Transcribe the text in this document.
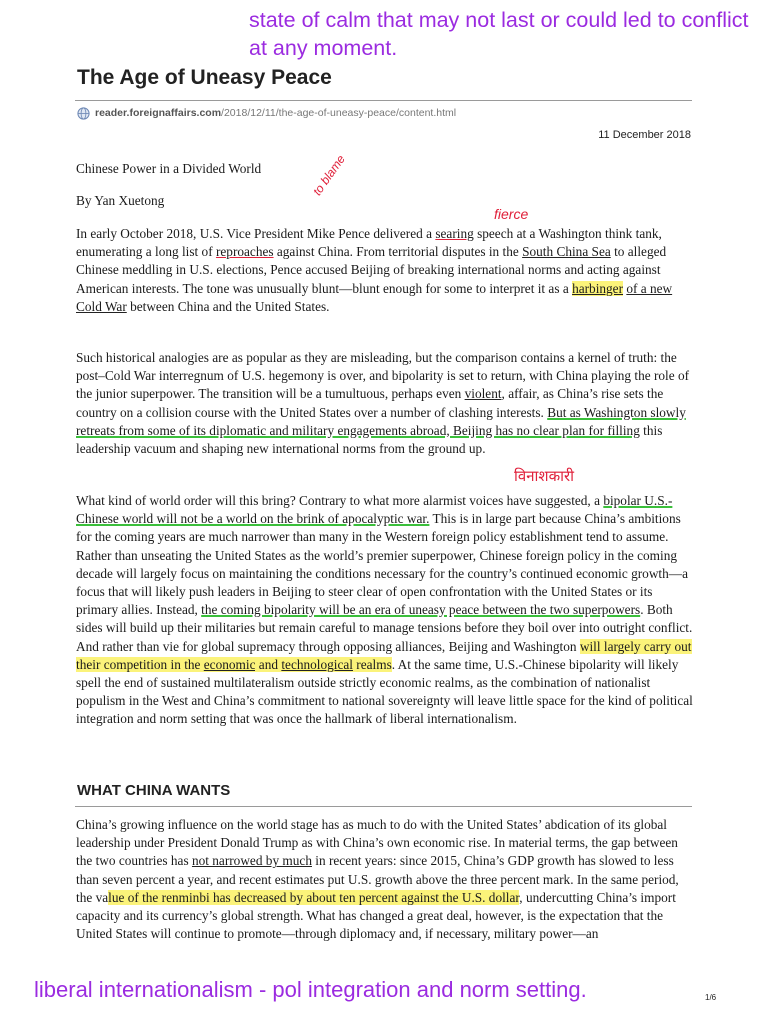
state of calm that may not last or could led to conflict at any moment.
The Age of Uneasy Peace
reader.foreignaffairs.com/2018/12/11/the-age-of-uneasy-peace/content.html
11 December 2018
Chinese Power in a Divided World
By Yan Xuetong
to blame
fierce
विनाशकारी
In early October 2018, U.S. Vice President Mike Pence delivered a searing speech at a Washington think tank, enumerating a long list of reproaches against China. From territorial disputes in the South China Sea to alleged Chinese meddling in U.S. elections, Pence accused Beijing of breaking international norms and acting against American interests. The tone was unusually blunt—blunt enough for some to interpret it as a harbinger of a new Cold War between China and the United States.
Such historical analogies are as popular as they are misleading, but the comparison contains a kernel of truth: the post–Cold War interregnum of U.S. hegemony is over, and bipolarity is set to return, with China playing the role of the junior superpower. The transition will be a tumultuous, perhaps even violent, affair, as China’s rise sets the country on a collision course with the United States over a number of clashing interests. But as Washington slowly retreats from some of its diplomatic and military engagements abroad, Beijing has no clear plan for filling this leadership vacuum and shaping new international norms from the ground up.
What kind of world order will this bring? Contrary to what more alarmist voices have suggested, a bipolar U.S.-Chinese world will not be a world on the brink of apocalyptic war. This is in large part because China’s ambitions for the coming years are much narrower than many in the Western foreign policy establishment tend to assume. Rather than unseating the United States as the world’s premier superpower, Chinese foreign policy in the coming decade will largely focus on maintaining the conditions necessary for the country’s continued economic growth—a focus that will likely push leaders in Beijing to steer clear of open confrontation with the United States or its primary allies. Instead, the coming bipolarity will be an era of uneasy peace between the two superpowers. Both sides will build up their militaries but remain careful to manage tensions before they boil over into outright conflict. And rather than vie for global supremacy through opposing alliances, Beijing and Washington will largely carry out their competition in the economic and technological realms. At the same time, U.S.-Chinese bipolarity will likely spell the end of sustained multilateralism outside strictly economic realms, as the combination of nationalist populism in the West and China’s commitment to national sovereignty will leave little space for the kind of political integration and norm setting that was once the hallmark of liberal internationalism.
WHAT CHINA WANTS
China’s growing influence on the world stage has as much to do with the United States’ abdication of its global leadership under President Donald Trump as with China’s own economic rise. In material terms, the gap between the two countries has not narrowed by much in recent years: since 2015, China’s GDP growth has slowed to less than seven percent a year, and recent estimates put U.S. growth above the three percent mark. In the same period, the value of the renminbi has decreased by about ten percent against the U.S. dollar, undercutting China’s import capacity and its currency’s global strength. What has changed a great deal, however, is the expectation that the United States will continue to promote—through diplomacy and, if necessary, military power—an
liberal internationalism - pol integration and norm setting.	1/6
